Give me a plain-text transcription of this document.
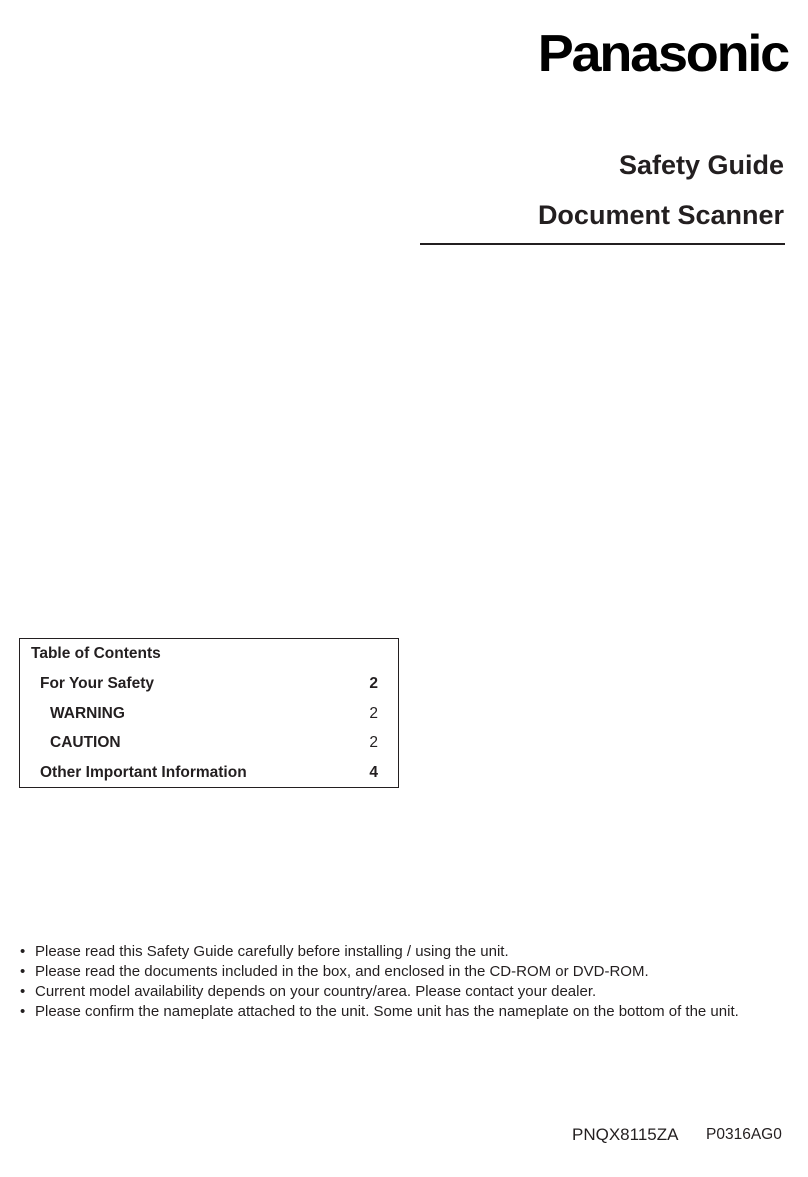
Panasonic
Safety Guide
Document Scanner
Table of Contents
For Your Safety	2
WARNING	2
CAUTION	2
Other Important Information	4
• Please read this Safety Guide carefully before installing / using the unit.
• Please read the documents included in the box, and enclosed in the CD-ROM or DVD-ROM.
• Current model availability depends on your country/area. Please contact your dealer.
• Please confirm the nameplate attached to the unit. Some unit has the nameplate on the bottom of the unit.
PNQX8115ZA P0316AG0
